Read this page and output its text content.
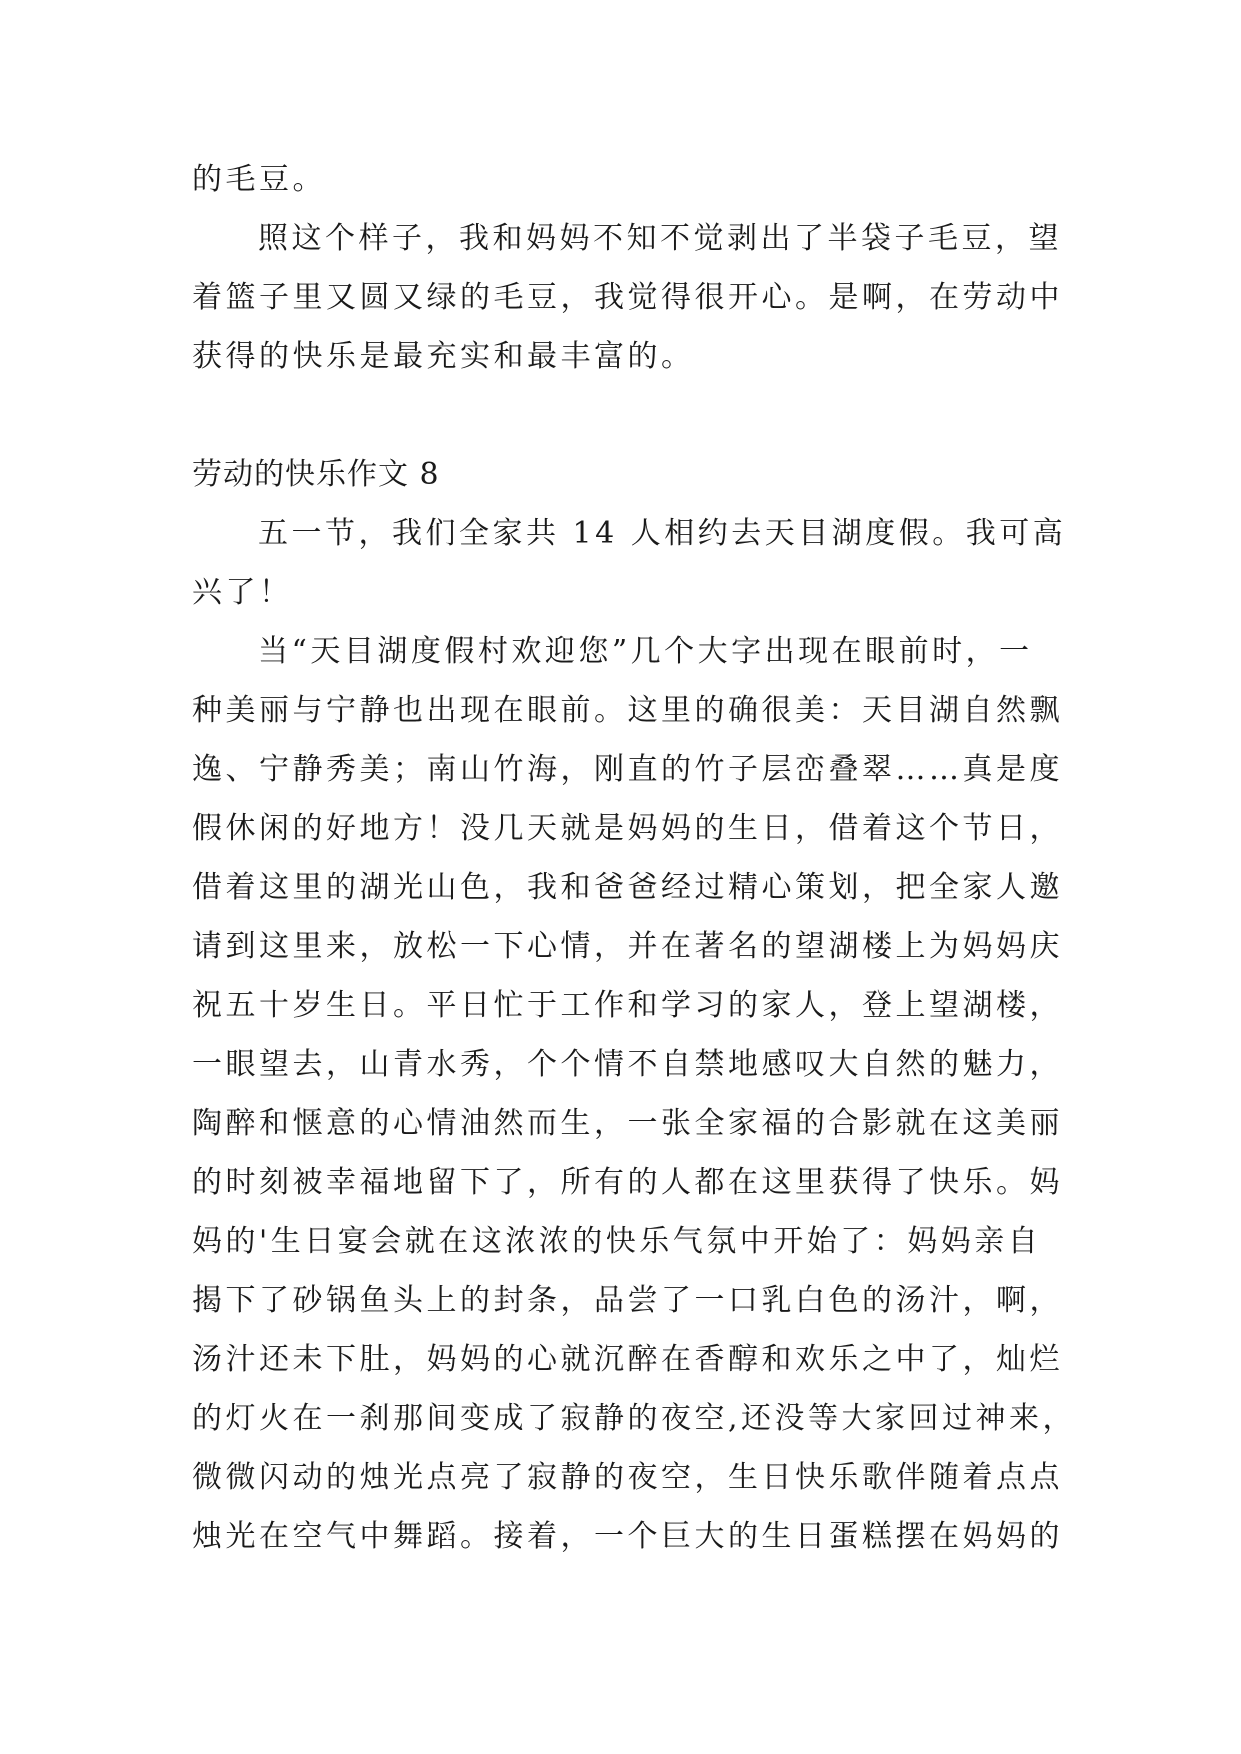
的毛豆。
照这个样子，我和妈妈不知不觉剥出了半袋子毛豆，望
着篮子里又圆又绿的毛豆，我觉得很开心。是啊，在劳动中
获得的快乐是最充实和最丰富的。
劳动的快乐作文 8
五一节，我们全家共 14 人相约去天目湖度假。我可高
兴了！
当“天目湖度假村欢迎您”几个大字出现在眼前时，一
种美丽与宁静也出现在眼前。这里的确很美：天目湖自然飘
逸、宁静秀美；南山竹海，刚直的竹子层峦叠翠……真是度
假休闲的好地方！没几天就是妈妈的生日，借着这个节日，
借着这里的湖光山色，我和爸爸经过精心策划，把全家人邀
请到这里来，放松一下心情，并在著名的望湖楼上为妈妈庆
祝五十岁生日。平日忙于工作和学习的家人，登上望湖楼，
一眼望去，山青水秀，个个情不自禁地感叹大自然的魅力，
陶醉和惬意的心情油然而生，一张全家福的合影就在这美丽
的时刻被幸福地留下了，所有的人都在这里获得了快乐。妈
妈的'生日宴会就在这浓浓的快乐气氛中开始了：妈妈亲自
揭下了砂锅鱼头上的封条，品尝了一口乳白色的汤汁，啊，
汤汁还未下肚，妈妈的心就沉醉在香醇和欢乐之中了，灿烂
的灯火在一刹那间变成了寂静的夜空,还没等大家回过神来，
微微闪动的烛光点亮了寂静的夜空，生日快乐歌伴随着点点
烛光在空气中舞蹈。接着，一个巨大的生日蛋糕摆在妈妈的
